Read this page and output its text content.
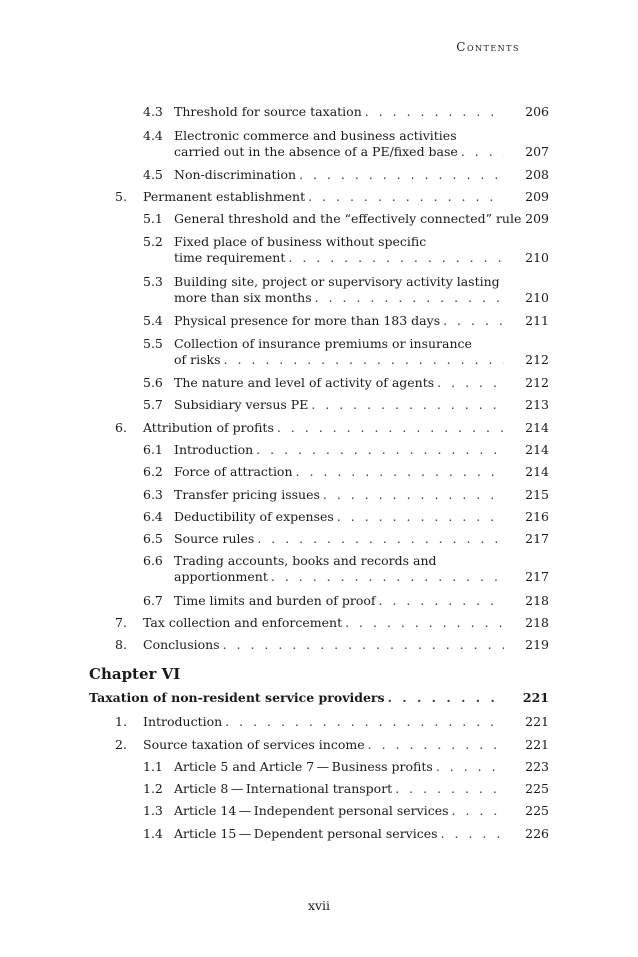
Contents
4.3 Threshold for source taxation . . .	206
4.4 Electronic commerce and business activities
carried out in the absence of a PE/fixed base . . .	207
4.5 Non-discrimination . . .	208
5. Permanent establishment . . .	209
5.1 General threshold and the “effectively connected” rule 209
5.2 Fixed place of business without specific
time requirement . . .	210
5.3 Building site, project or supervisory activity lasting
more than six months . . .	210
5.4 Physical presence for more than 183 days . . .	211
5.5 Collection of insurance premiums or insurance
of risks . . .	212
5.6 The nature and level of activity of agents . . .	212
5.7 Subsidiary versus PE . . .	213
6. Attribution of profits . . .	214
6.1 Introduction . . .	214
6.2 Force of attraction . . .	214
6.3 Transfer pricing issues . . .	215
6.4 Deductibility of expenses . . .	216
6.5 Source rules . . .	217
6.6 Trading accounts, books and records and
apportionment . . .	217
6.7 Time limits and burden of proof . . .	218
7. Tax collection and enforcement . . .	218
8. Conclusions . . .	219
Taxation of non-resident service providers . . .	221
1. Introduction . . .	221
2. Source taxation of services income . . .	221
1.1 Article 5 and Article 7 — Business profits . . .	223
1.2 Article 8 — International transport . . .	225
1.3 Article 14 — Independent personal services . . .	225
1.4 Article 15 — Dependent personal services . . .	226
Chapter VI
xvii
